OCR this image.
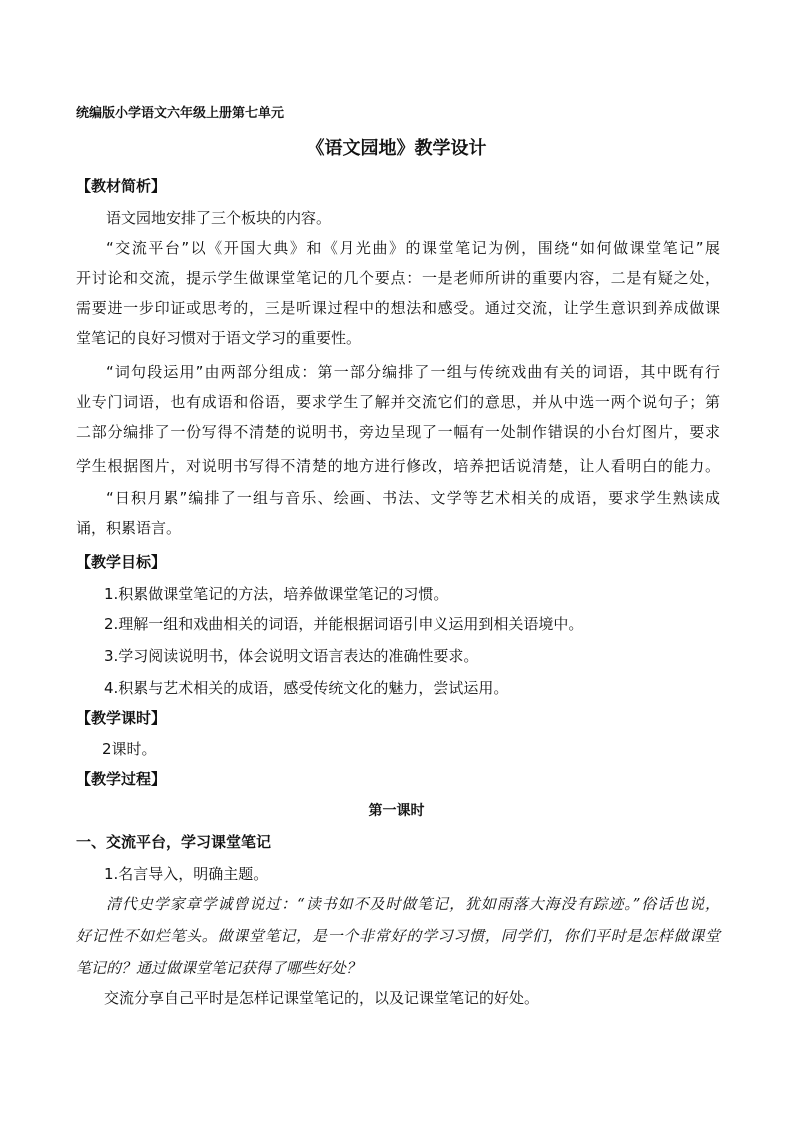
统编版小学语文六年级上册第七单元
《语文园地》教学设计
【教材简析】
语文园地安排了三个板块的内容。
“交流平台”以《开国大典》和《月光曲》的课堂笔记为例，围绕“如何做课堂笔记”展
开讨论和交流，提示学生做课堂笔记的几个要点：一是老师所讲的重要内容，二是有疑之处，
需要进一步印证或思考的，三是听课过程中的想法和感受。通过交流，让学生意识到养成做课
堂笔记的良好习惯对于语文学习的重要性。
“词句段运用”由两部分组成：第一部分编排了一组与传统戏曲有关的词语，其中既有行
业专门词语，也有成语和俗语，要求学生了解并交流它们的意思，并从中选一两个说句子；第
二部分编排了一份写得不清楚的说明书，旁边呈现了一幅有一处制作错误的小台灯图片，要求
学生根据图片，对说明书写得不清楚的地方进行修改，培养把话说清楚，让人看明白的能力。
“日积月累”编排了一组与音乐、绘画、书法、文学等艺术相关的成语，要求学生熟读成
诵，积累语言。
【教学目标】
1.积累做课堂笔记的方法，培养做课堂笔记的习惯。
2.理解一组和戏曲相关的词语，并能根据词语引申义运用到相关语境中。
3.学习阅读说明书，体会说明文语言表达的准确性要求。
4.积累与艺术相关的成语，感受传统文化的魅力，尝试运用。
【教学课时】
2课时。
【教学过程】
第一课时
一、交流平台，学习课堂笔记
1.名言导入，明确主题。
清代史学家章学诚曾说过：“读书如不及时做笔记，犹如雨落大海没有踪迹。”俗话也说，
好记性不如烂笔头。做课堂笔记，是一个非常好的学习习惯，同学们，你们平时是怎样做课堂
笔记的？通过做课堂笔记获得了哪些好处？
交流分享自己平时是怎样记课堂笔记的，以及记课堂笔记的好处。
